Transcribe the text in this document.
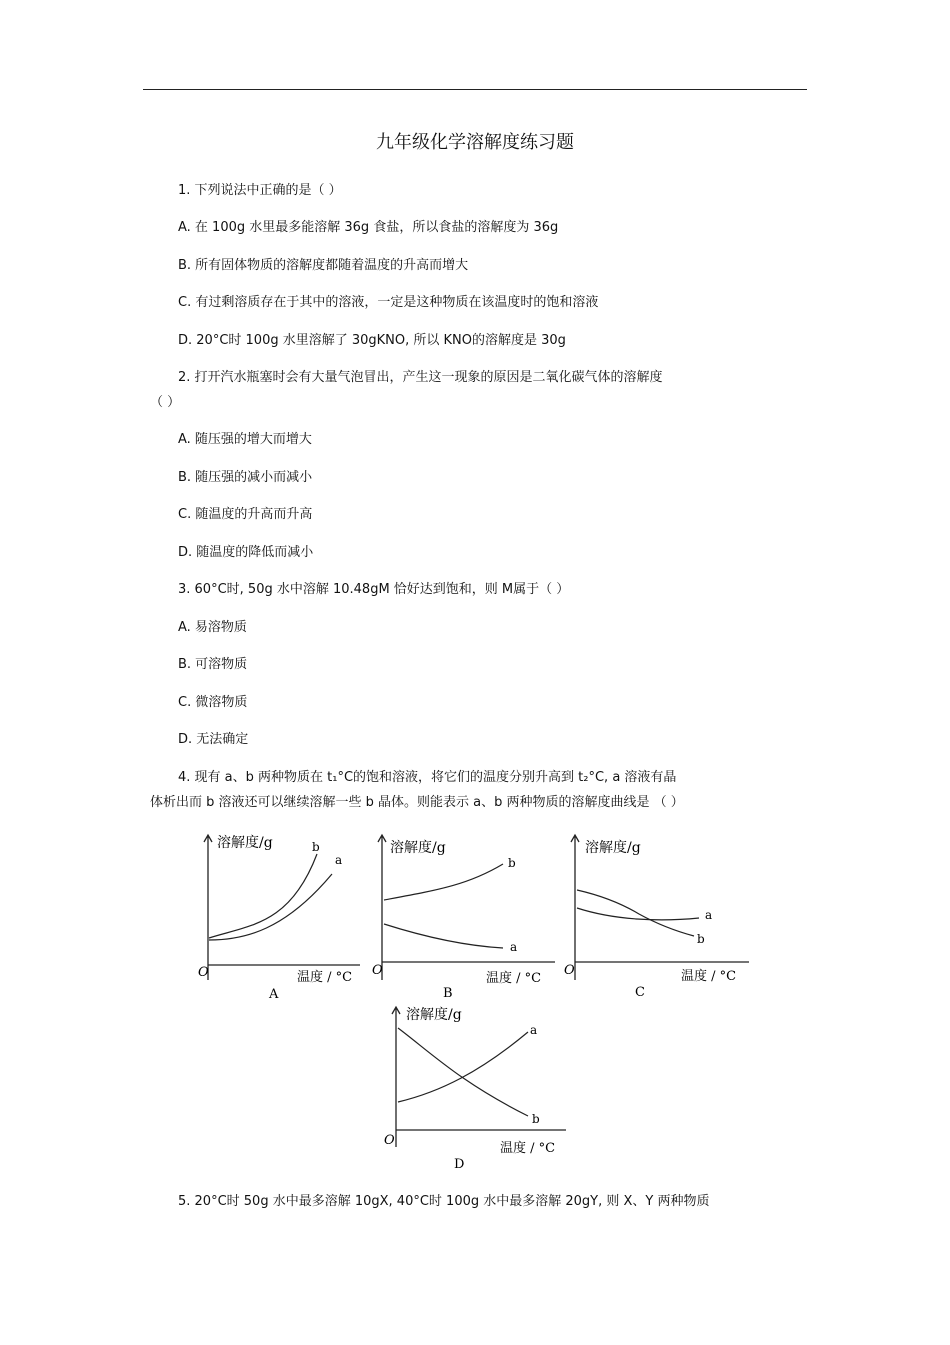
九年级化学溶解度练习题
1. 下列说法中正确的是（ ）
A. 在 100g 水里最多能溶解 36g 食盐，所以食盐的溶解度为 36g
B. 所有固体物质的溶解度都随着温度的升高而增大
C. 有过剩溶质存在于其中的溶液，一定是这种物质在该温度时的饱和溶液
D. 20°C时 100g 水里溶解了 30gKNO, 所以 KNO的溶解度是 30g
2. 打开汽水瓶塞时会有大量气泡冒出，产生这一现象的原因是二氧化碳气体的溶解度
（ ）
A. 随压强的增大而增大
B. 随压强的减小而减小
C. 随温度的升高而升高
D. 随温度的降低而减小
3. 60°C时, 50g 水中溶解 10.48gM 恰好达到饱和，则 M属于（ ）
A. 易溶物质
B. 可溶物质
C. 微溶物质
D. 无法确定
4. 现有 a、b 两种物质在 t₁°C的饱和溶液，将它们的温度分别升高到 t₂°C, a 溶液有晶
体析出而 b 溶液还可以继续溶解一些 b 晶体。则能表示 a、b 两种物质的溶解度曲线是 （ ）
溶解度/g
温度 / °C
O
a
b
A
溶解度/g
温度 / °C
O
a
b
B
溶解度/g
温度 / °C
O
a
b
C
溶解度/g
温度 / °C
O
a
b
D
5. 20°C时 50g 水中最多溶解 10gX, 40°C时 100g 水中最多溶解 20gY, 则 X、Y 两种物质
